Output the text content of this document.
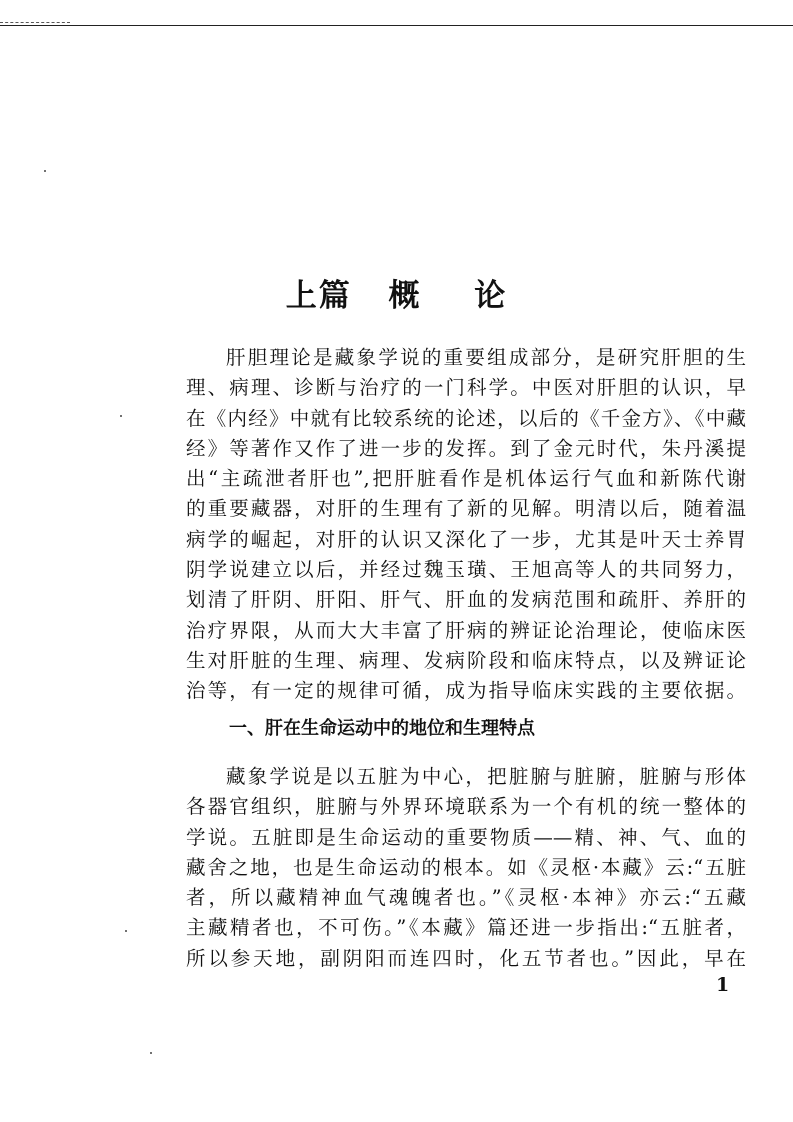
上篇 概 论

肝胆理论是藏象学说的重要组成部分，是研究肝胆的生
理、病理、诊断与治疗的一门科学。中医对肝胆的认识，早
在《内经》中就有比较系统的论述，以后的《千金方》、《中藏
经》等著作又作了进一步的发挥。到了金元时代，朱丹溪提
出“主疏泄者肝也”,把肝脏看作是机体运行气血和新陈代谢
的重要藏器，对肝的生理有了新的见解。明清以后，随着温
病学的崛起，对肝的认识又深化了一步，尤其是叶天士养胃
阴学说建立以后，并经过魏玉璜、王旭高等人的共同努力，
划清了肝阴、肝阳、肝气、肝血的发病范围和疏肝、养肝的
治疗界限，从而大大丰富了肝病的辨证论治理论，使临床医
生对肝脏的生理、病理、发病阶段和临床特点，以及辨证论
治等，有一定的规律可循，成为指导临床实践的主要依据。

一、肝在生命运动中的地位和生理特点

藏象学说是以五脏为中心，把脏腑与脏腑，脏腑与形体
各器官组织，脏腑与外界环境联系为一个有机的统一整体的
学说。五脏即是生命运动的重要物质——精、神、气、血的
藏舍之地，也是生命运动的根本。如《灵枢·本藏》云:“五脏
者，所以藏精神血气魂魄者也。”《灵枢·本神》亦云:“五藏
主藏精者也，不可伤。”《本藏》篇还进一步指出:“五脏者，
所以参天地，副阴阳而连四时，化五节者也。”因此，早在

1
